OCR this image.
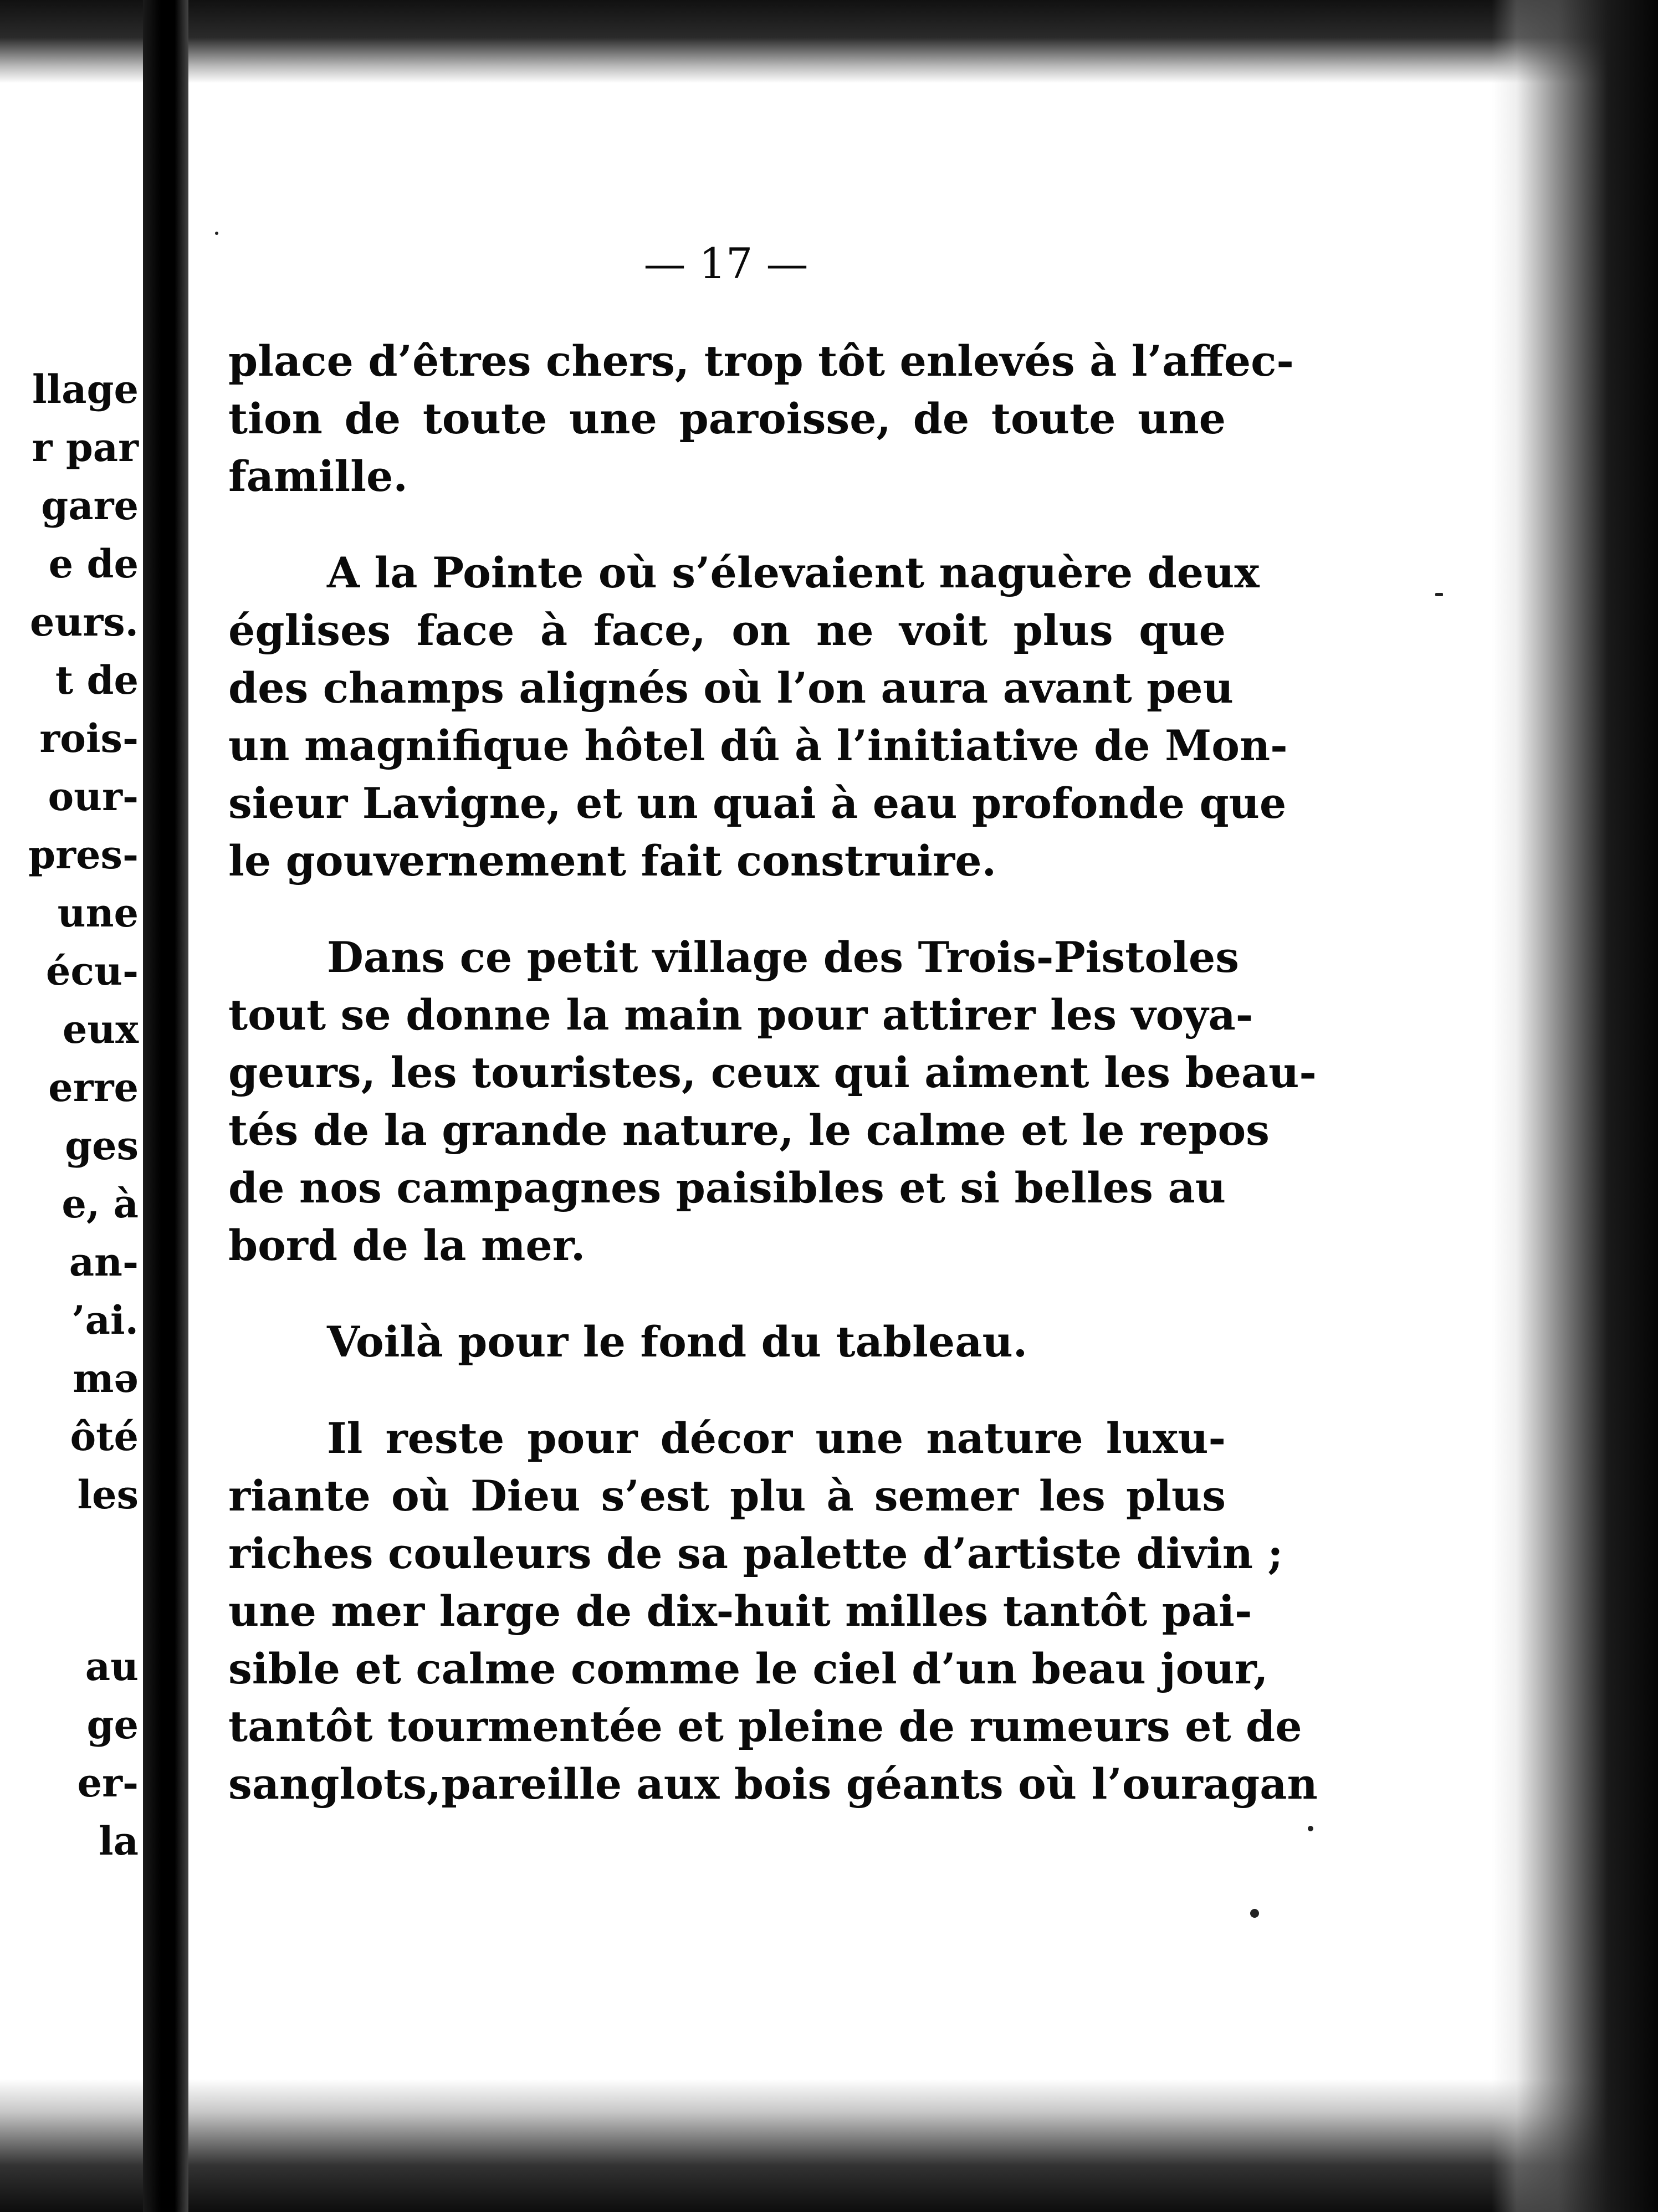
llage
r par
gare
e de
eurs.
t de
rois-
our-
pres-
une
écu-
eux
erre
ges
e, à
an-
’ai.
mə
ôté
les
au
ge
er-
la
— 17 —
place d’êtres chers, trop tôt enlevés à l’affec-
tion de toute une paroisse, de toute une
famille.
A la Pointe où s’élevaient naguère deux
églises face à face, on ne voit plus que
des champs alignés où l’on aura avant peu
un magnifique hôtel dû à l’initiative de Mon-
sieur Lavigne, et un quai à eau profonde que
le gouvernement fait construire.
Dans ce petit village des Trois-Pistoles
tout se donne la main pour attirer les voya-
geurs, les touristes, ceux qui aiment les beau-
tés de la grande nature, le calme et le repos
de nos campagnes paisibles et si belles au
bord de la mer.
Voilà pour le fond du tableau.
Il reste pour décor une nature luxu-
riante où Dieu s’est plu à semer les plus
riches couleurs de sa palette d’artiste divin ;
une mer large de dix-huit milles tantôt pai-
sible et calme comme le ciel d’un beau jour,
tantôt tourmentée et pleine de rumeurs et de
sanglots,pareille aux bois géants où l’ouragan
